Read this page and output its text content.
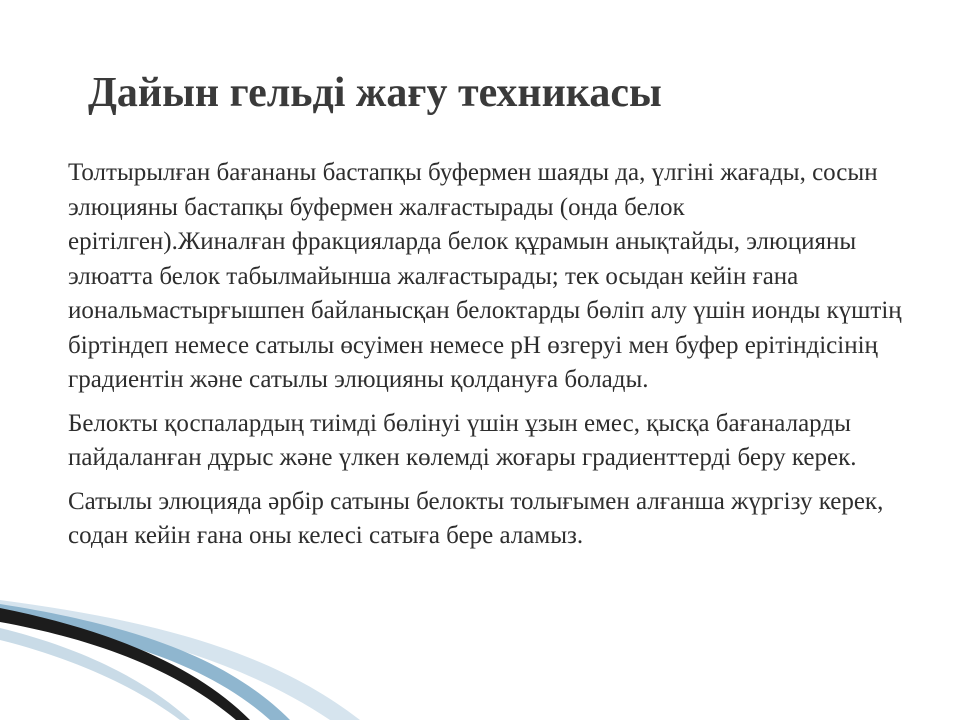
Дайын гельді жағу техникасы

Толтырылған бағананы бастапқы буфермен шаяды да, үлгіні жағады, сосын элюцияны бастапқы буфермен жалғастырады (онда белок ерітілген).Жиналған фракцияларда белок құрамын анықтайды, элюцияны элюатта белок табылмайынша жалғастырады; тек осыдан кейін ғана иональмастырғышпен байланысқан белоктарды бөліп алу үшін ионды күштің біртіндеп немесе сатылы өсуімен немесе рН өзгеруі мен буфер ерітіндісінің градиентін және сатылы элюцияны қолдануға болады.

Белокты қоспалардың тиімді бөлінуі үшін ұзын емес, қысқа бағаналарды пайдаланған дұрыс және үлкен көлемді жоғары градиенттерді беру керек.

Сатылы элюцияда әрбір сатыны белокты толығымен алғанша жүргізу керек, содан кейін ғана оны келесі сатыға бере аламыз.
